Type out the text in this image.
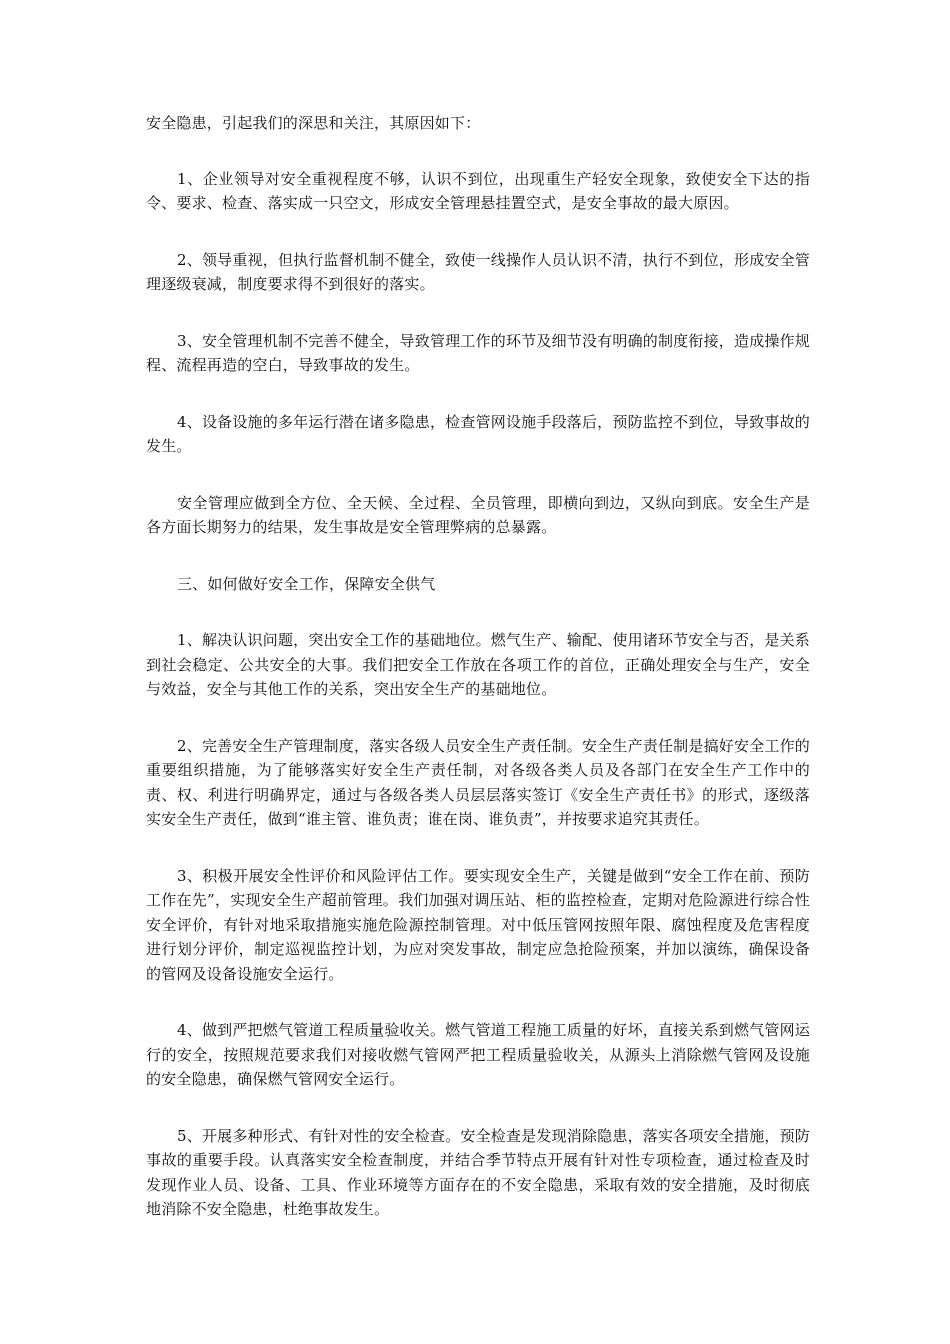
安全隐患，引起我们的深思和关注，其原因如下：

1、企业领导对安全重视程度不够，认识不到位，出现重生产轻安全现象，致使安全下达的指令、要求、检查、落实成一只空文，形成安全管理悬挂置空式，是安全事故的最大原因。

2、领导重视，但执行监督机制不健全，致使一线操作人员认识不清，执行不到位，形成安全管理逐级衰减，制度要求得不到很好的落实。

3、安全管理机制不完善不健全，导致管理工作的环节及细节没有明确的制度衔接，造成操作规程、流程再造的空白，导致事故的发生。

4、设备设施的多年运行潜在诸多隐患，检查管网设施手段落后，预防监控不到位，导致事故的发生。

安全管理应做到全方位、全天候、全过程、全员管理，即横向到边，又纵向到底。安全生产是各方面长期努力的结果，发生事故是安全管理弊病的总暴露。

三、如何做好安全工作，保障安全供气

1、解决认识问题，突出安全工作的基础地位。燃气生产、输配、使用诸环节安全与否，是关系到社会稳定、公共安全的大事。我们把安全工作放在各项工作的首位，正确处理安全与生产，安全与效益，安全与其他工作的关系，突出安全生产的基础地位。

2、完善安全生产管理制度，落实各级人员安全生产责任制。安全生产责任制是搞好安全工作的重要组织措施，为了能够落实好安全生产责任制，对各级各类人员及各部门在安全生产工作中的责、权、利进行明确界定，通过与各级各类人员层层落实签订《安全生产责任书》的形式，逐级落实安全生产责任，做到“谁主管、谁负责；谁在岗、谁负责”，并按要求追究其责任。

3、积极开展安全性评价和风险评估工作。要实现安全生产，关键是做到“安全工作在前、预防工作在先”，实现安全生产超前管理。我们加强对调压站、柜的监控检查，定期对危险源进行综合性安全评价，有针对地采取措施实施危险源控制管理。对中低压管网按照年限、腐蚀程度及危害程度进行划分评价，制定巡视监控计划，为应对突发事故，制定应急抢险预案，并加以演练，确保设备的管网及设备设施安全运行。

4、做到严把燃气管道工程质量验收关。燃气管道工程施工质量的好坏，直接关系到燃气管网运行的安全，按照规范要求我们对接收燃气管网严把工程质量验收关，从源头上消除燃气管网及设施的安全隐患，确保燃气管网安全运行。

5、开展多种形式、有针对性的安全检查。安全检查是发现消除隐患，落实各项安全措施，预防事故的重要手段。认真落实安全检查制度，并结合季节特点开展有针对性专项检查，通过检查及时发现作业人员、设备、工具、作业环境等方面存在的不安全隐患，采取有效的安全措施，及时彻底地消除不安全隐患，杜绝事故发生。
